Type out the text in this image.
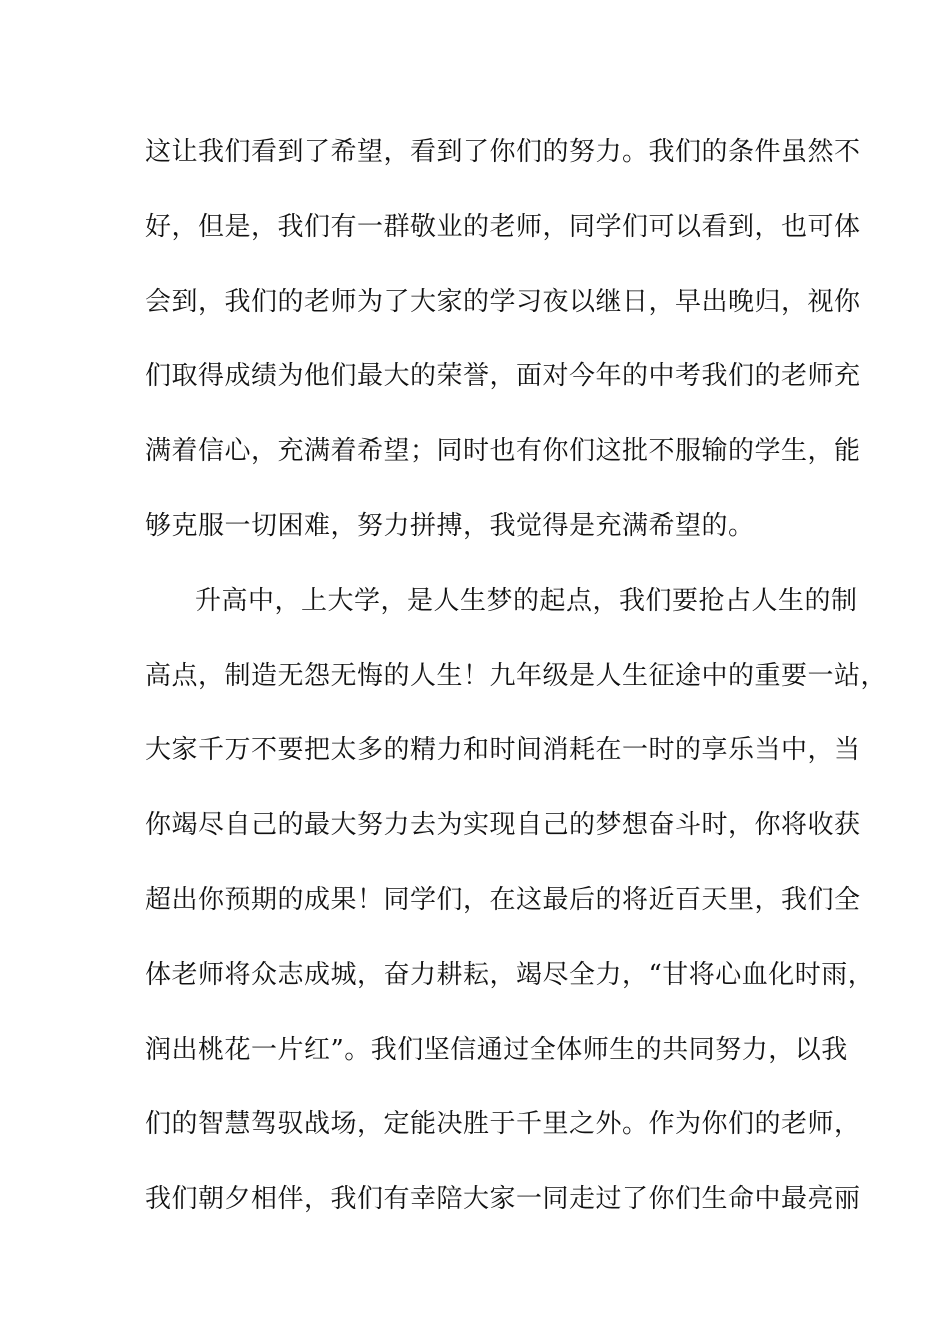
这让我们看到了希望，看到了你们的努力。我们的条件虽然不
好，但是，我们有一群敬业的老师，同学们可以看到，也可体
会到，我们的老师为了大家的学习夜以继日，早出晚归，视你
们取得成绩为他们最大的荣誉，面对今年的中考我们的老师充
满着信心，充满着希望；同时也有你们这批不服输的学生，能
够克服一切困难，努力拼搏，我觉得是充满希望的。
升高中，上大学，是人生梦的起点，我们要抢占人生的制
高点，制造无怨无悔的人生！九年级是人生征途中的重要一站，
大家千万不要把太多的精力和时间消耗在一时的享乐当中，当
你竭尽自己的最大努力去为实现自己的梦想奋斗时，你将收获
超出你预期的成果！同学们，在这最后的将近百天里，我们全
体老师将众志成城，奋力耕耘，竭尽全力，“甘将心血化时雨，
润出桃花一片红”。我们坚信通过全体师生的共同努力，以我
们的智慧驾驭战场，定能决胜于千里之外。作为你们的老师，
我们朝夕相伴，我们有幸陪大家一同走过了你们生命中最亮丽
